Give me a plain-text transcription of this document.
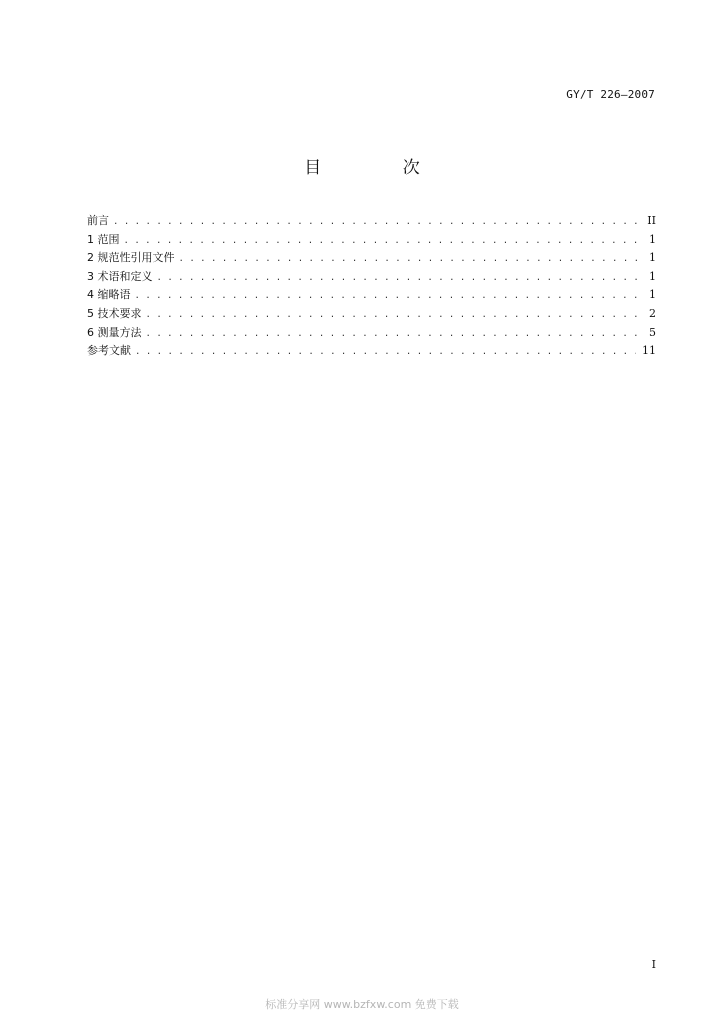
GY/T 226—2007
目 次
前言 . . .	II
1 范围 . . .	1
2 规范性引用文件 . . .	1
3 术语和定义 . . .	1
4 缩略语 . . .	1
5 技术要求 . . .	2
6 测量方法 . . .	5
参考文献 . . .	11
I
标准分享网 www.bzfxw.com 免费下载
